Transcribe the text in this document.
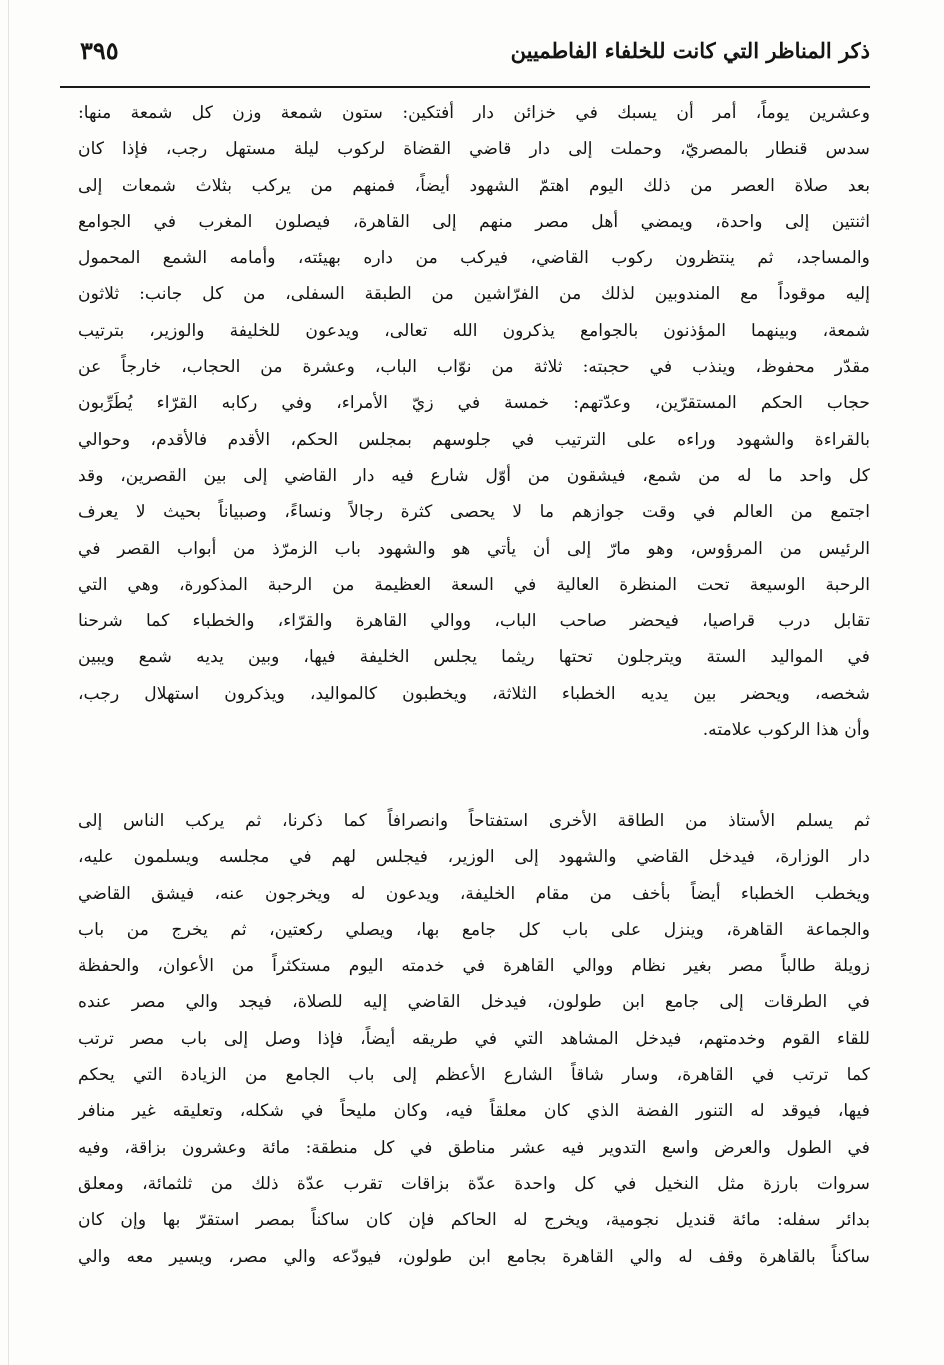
ذكر المناظر التي كانت للخلفاء الفاطميين
٣٩٥
وعشرين يوماً، أمر أن يسبك في خزائن دار أفتكين: ستون شمعة وزن كل شمعة منها:
سدس قنطار بالمصريّ، وحملت إلى دار قاضي القضاة لركوب ليلة مستهل رجب، فإذا كان
بعد صلاة العصر من ذلك اليوم اهتمّ الشهود أيضاً، فمنهم من يركب بثلاث شمعات إلى
اثنتين إلى واحدة، ويمضي أهل مصر منهم إلى القاهرة، فيصلون المغرب في الجوامع
والمساجد، ثم ينتظرون ركوب القاضي، فيركب من داره بهيئته، وأمامه الشمع المحمول
إليه موقوداً مع المندوبين لذلك من الفرّاشين من الطبقة السفلى، من كل جانب: ثلاثون
شمعة، وبينهما المؤذنون بالجوامع يذكرون الله تعالى، ويدعون للخليفة والوزير، بترتيب
مقدّر محفوظ، وينذب في حجبته: ثلاثة من نوّاب الباب، وعشرة من الحجاب، خارجاً عن
حجاب الحكم المستقرّين، وعدّتهم: خمسة في زيّ الأمراء، وفي ركابه القرّاء يُطَرِّبون
بالقراءة والشهود وراءه على الترتيب في جلوسهم بمجلس الحكم، الأقدم فالأقدم، وحوالي
كل واحد ما له من شمع، فيشقون من أوّل شارع فيه دار القاضي إلى بين القصرين، وقد
اجتمع من العالم في وقت جوازهم ما لا يحصى كثرة رجالاً ونساءً، وصبياناً بحيث لا يعرف
الرئيس من المرؤوس، وهو مارّ إلى أن يأتي هو والشهود باب الزمرّذ من أبواب القصر في
الرحبة الوسيعة تحت المنظرة العالية في السعة العظيمة من الرحبة المذكورة، وهي التي
تقابل درب قراصيا، فيحضر صاحب الباب، ووالي القاهرة والقرّاء، والخطباء كما شرحنا
في المواليد الستة ويترجلون تحتها ريثما يجلس الخليفة فيها، وبين يديه شمع ويبين
شخصه، ويحضر بين يديه الخطباء الثلاثة، ويخطبون كالمواليد، ويذكرون استهلال رجب،
وأن هذا الركوب علامته.
ثم يسلم الأستاذ من الطاقة الأخرى استفتاحاً وانصرافاً كما ذكرنا، ثم يركب الناس إلى
دار الوزارة، فيدخل القاضي والشهود إلى الوزير، فيجلس لهم في مجلسه ويسلمون عليه،
ويخطب الخطباء أيضاً بأخف من مقام الخليفة، ويدعون له ويخرجون عنه، فيشق القاضي
والجماعة القاهرة، وينزل على باب كل جامع بها، ويصلي ركعتين، ثم يخرج من باب
زويلة طالباً مصر بغير نظام ووالي القاهرة في خدمته اليوم مستكثراً من الأعوان، والحفظة
في الطرقات إلى جامع ابن طولون، فيدخل القاضي إليه للصلاة، فيجد والي مصر عنده
للقاء القوم وخدمتهم، فيدخل المشاهد التي في طريقه أيضاً، فإذا وصل إلى باب مصر ترتب
كما ترتب في القاهرة، وسار شاقاً الشارع الأعظم إلى باب الجامع من الزيادة التي يحكم
فيها، فيوقد له التنور الفضة الذي كان معلقاً فيه، وكان مليحاً في شكله، وتعليقه غير منافر
في الطول والعرض واسع التدوير فيه عشر مناطق في كل منطقة: مائة وعشرون بزاقة، وفيه
سروات بارزة مثل النخيل في كل واحدة عدّة بزاقات تقرب عدّة ذلك من ثلثمائة، ومعلق
بدائر سفله: مائة قنديل نجومية، ويخرج له الحاكم فإن كان ساكناً بمصر استقرّ بها وإن كان
ساكناً بالقاهرة وقف له والي القاهرة بجامع ابن طولون، فيودّعه والي مصر، ويسير معه والي
